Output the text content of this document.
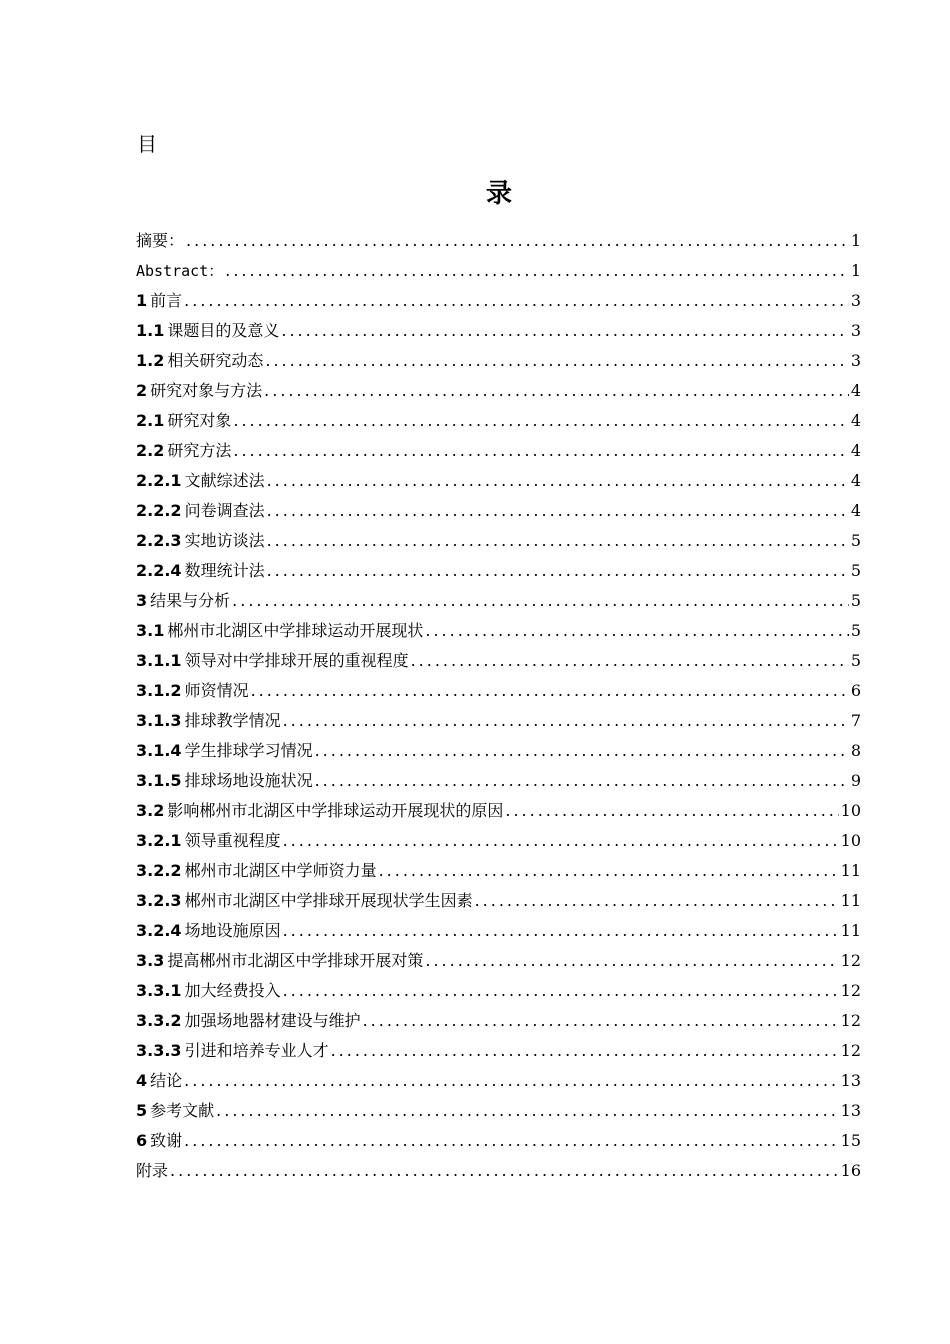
目
录
摘要： .....	1
Abstract： .....	1
1 前言 .....	3
1.1 课题目的及意义 .....	3
1.2 相关研究动态 .....	3
2 研究对象与方法 .....	4
2.1 研究对象 .....	4
2.2 研究方法 .....	4
2.2.1 文献综述法 .....	4
2.2.2 问卷调查法 .....	4
2.2.3 实地访谈法 .....	5
2.2.4 数理统计法 .....	5
3 结果与分析 .....	5
3.1 郴州市北湖区中学排球运动开展现状 .....	5
3.1.1 领导对中学排球开展的重视程度 .....	5
3.1.2 师资情况 .....	6
3.1.3 排球教学情况 .....	7
3.1.4 学生排球学习情况 .....	8
3.1.5 排球场地设施状况 .....	9
3.2 影响郴州市北湖区中学排球运动开展现状的原因 .....	10
3.2.1 领导重视程度 .....	10
3.2.2 郴州市北湖区中学师资力量 .....	11
3.2.3 郴州市北湖区中学排球开展现状学生因素 .....	11
3.2.4 场地设施原因 .....	11
3.3 提高郴州市北湖区中学排球开展对策 .....	12
3.3.1 加大经费投入 .....	12
3.3.2 加强场地器材建设与维护 .....	12
3.3.3 引进和培养专业人才 .....	12
4 结论 .....	13
5 参考文献 .....	13
6 致谢 .....	15
附录 .....	16
